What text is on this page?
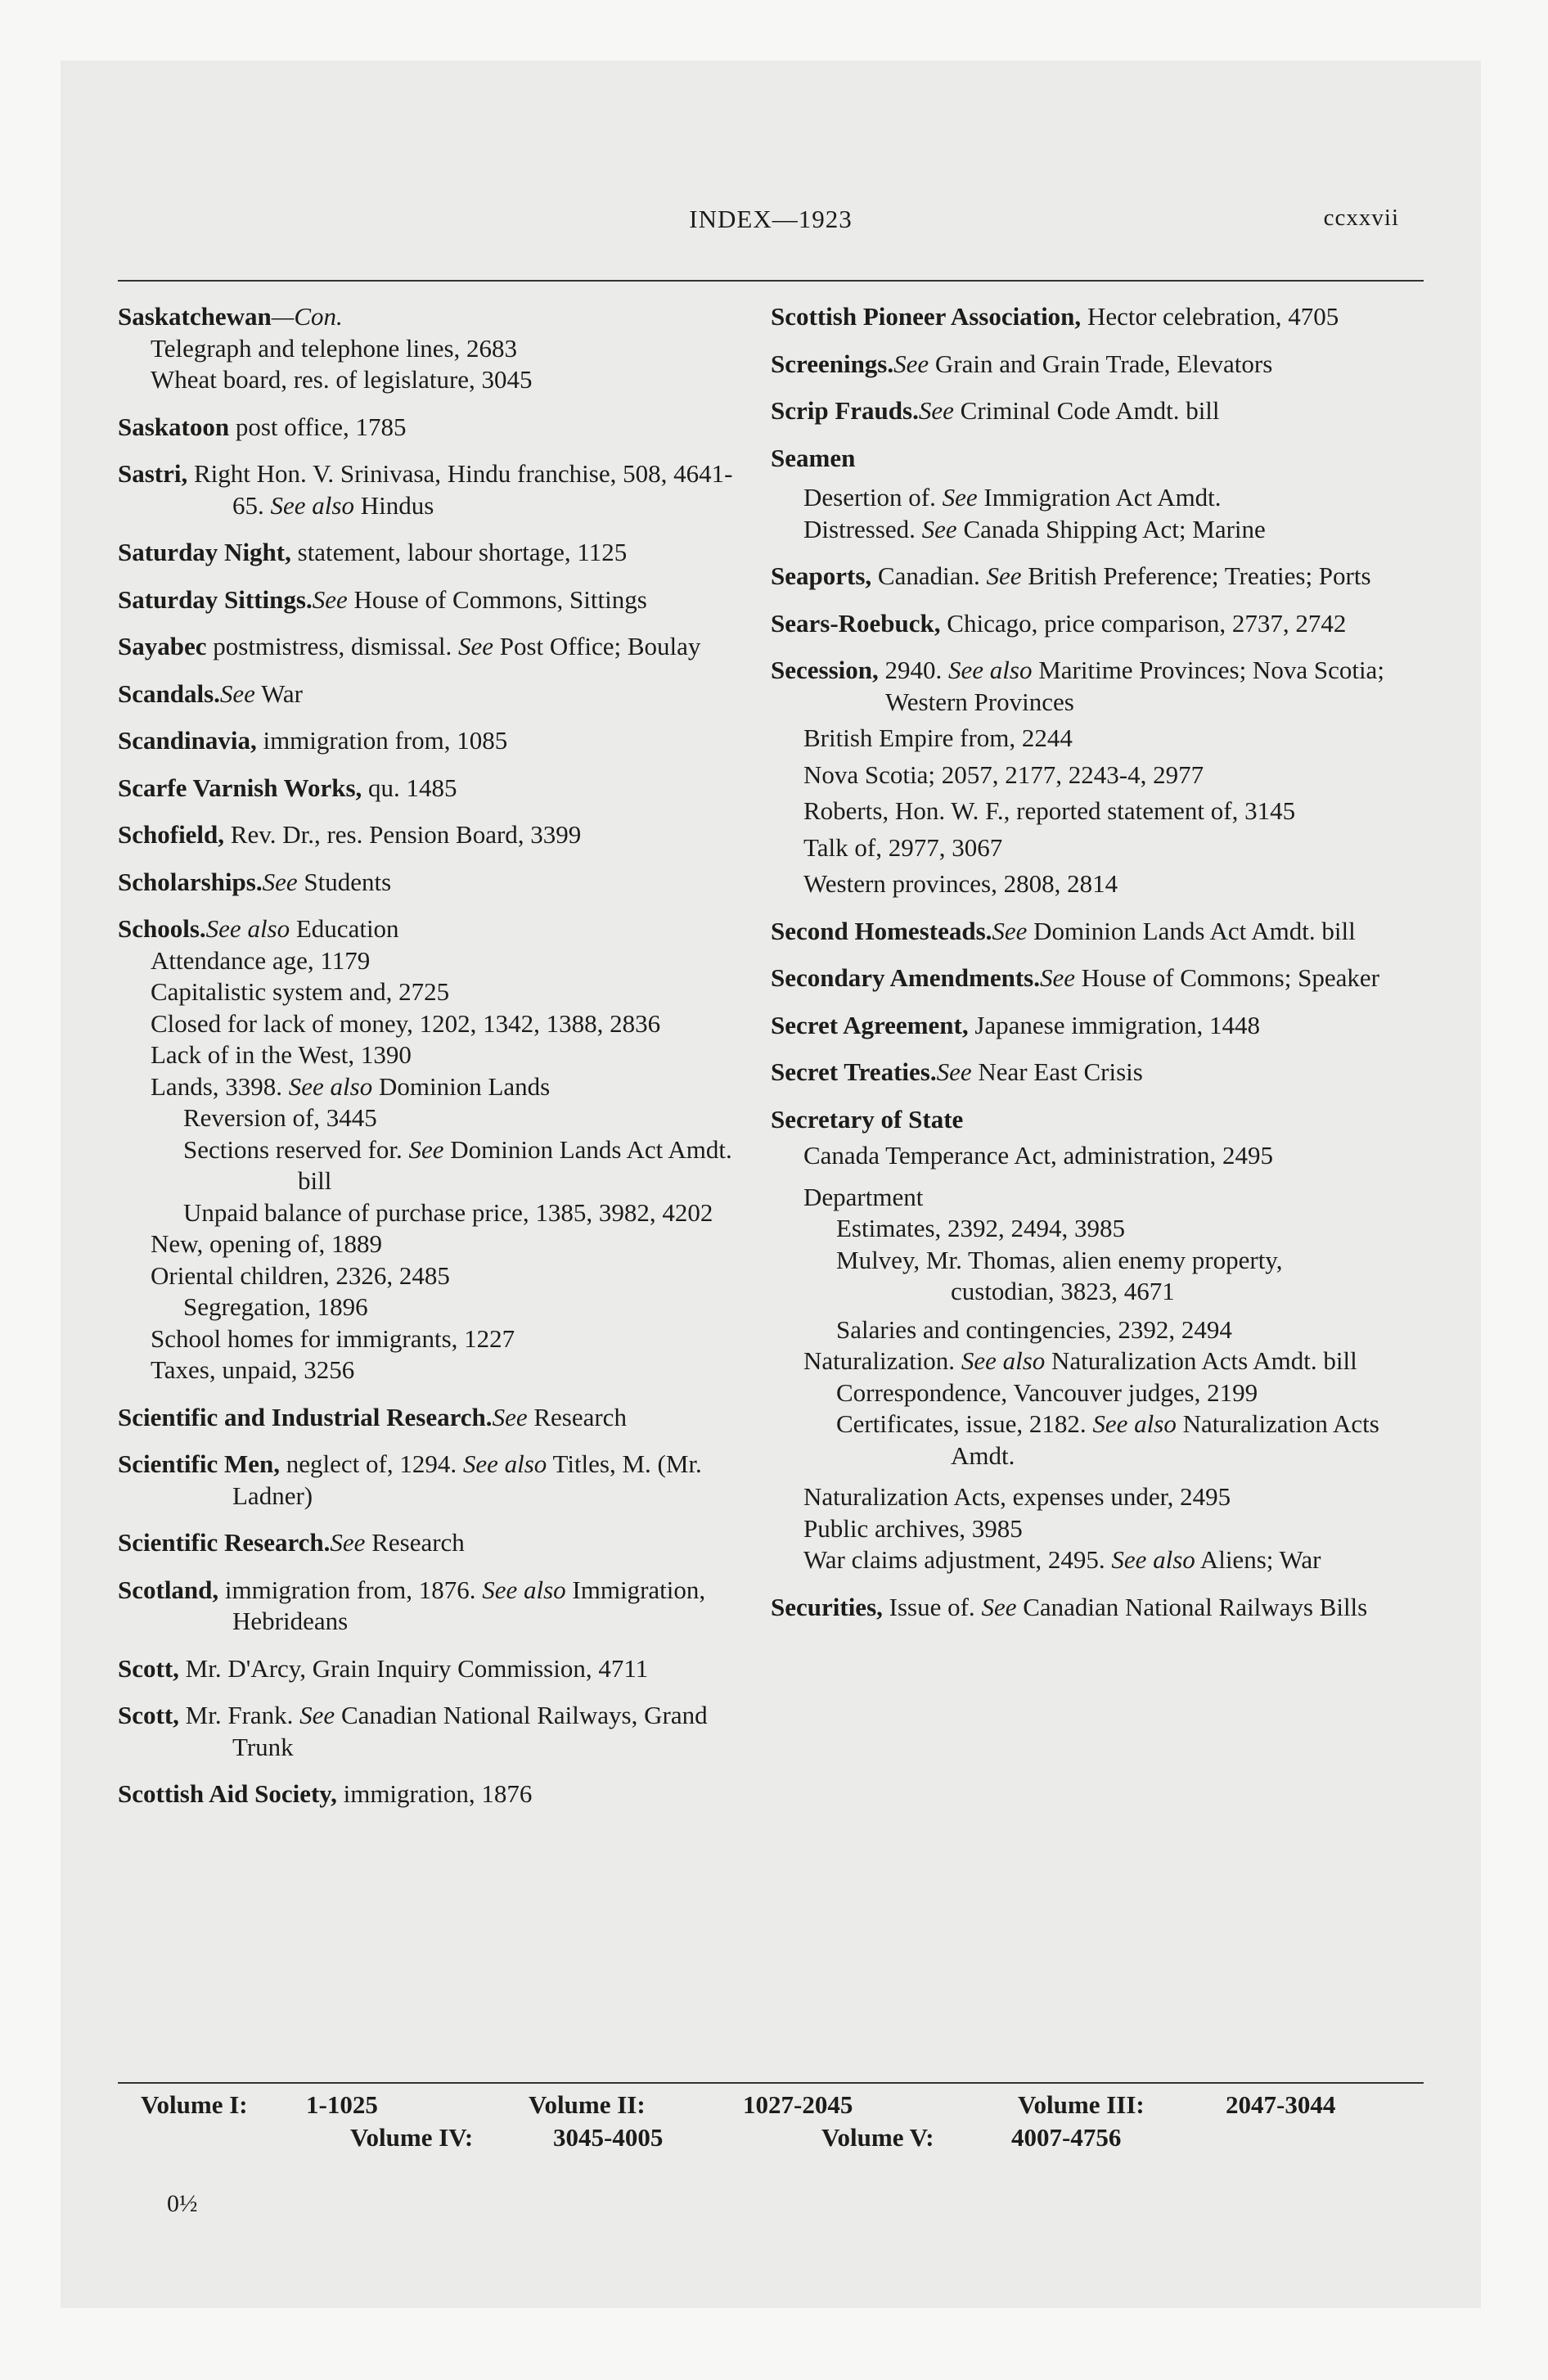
INDEX—1923	ccxxvii
Saskatchewan—Con.
Telegraph and telephone lines, 2683
Wheat board, res. of legislature, 3045
Saskatoon post office, 1785
Sastri, Right Hon. V. Srinivasa, Hindu franchise, 508, 4641-65. See also Hindus
Saturday Night, statement, labour shortage, 1125
Saturday Sittings.See House of Commons, Sittings
Sayabec postmistress, dismissal. See Post Office; Boulay
Scandals.See War
Scandinavia, immigration from, 1085
Scarfe Varnish Works, qu. 1485
Schofield, Rev. Dr., res. Pension Board, 3399
Scholarships.See Students
Schools.See also Education
Attendance age, 1179
Capitalistic system and, 2725
Closed for lack of money, 1202, 1342, 1388, 2836
Lack of in the West, 1390
Lands, 3398. See also Dominion Lands
Reversion of, 3445
Sections reserved for. See Dominion Lands Act Amdt. bill
Unpaid balance of purchase price, 1385, 3982, 4202
New, opening of, 1889
Oriental children, 2326, 2485
Segregation, 1896
School homes for immigrants, 1227
Taxes, unpaid, 3256
Scientific and Industrial Research.See Research
Scientific Men, neglect of, 1294. See also Titles, M. (Mr. Ladner)
Scientific Research.See Research
Scotland, immigration from, 1876. See also Immigration, Hebrideans
Scott, Mr. D'Arcy, Grain Inquiry Commission, 4711
Scott, Mr. Frank. See Canadian National Railways, Grand Trunk
Scottish Aid Society, immigration, 1876
Scottish Pioneer Association, Hector celebration, 4705
Screenings.See Grain and Grain Trade, Elevators
Scrip Frauds.See Criminal Code Amdt. bill
Seamen
Desertion of. See Immigration Act Amdt.
Distressed. See Canada Shipping Act; Marine
Seaports, Canadian. See British Preference; Treaties; Ports
Sears-Roebuck, Chicago, price comparison, 2737, 2742
Secession, 2940. See also Maritime Provinces; Nova Scotia; Western Provinces
British Empire from, 2244
Nova Scotia; 2057, 2177, 2243-4, 2977
Roberts, Hon. W. F., reported statement of, 3145
Talk of, 2977, 3067
Western provinces, 2808, 2814
Second Homesteads.See Dominion Lands Act Amdt. bill
Secondary Amendments.See House of Commons; Speaker
Secret Agreement, Japanese immigration, 1448
Secret Treaties.See Near East Crisis
Secretary of State
Canada Temperance Act, administration, 2495
Department
Estimates, 2392, 2494, 3985
Mulvey, Mr. Thomas, alien enemy property, custodian, 3823, 4671
Salaries and contingencies, 2392, 2494
Naturalization. See also Naturalization Acts Amdt. bill
Correspondence, Vancouver judges, 2199
Certificates, issue, 2182. See also Naturalization Acts Amdt.
Naturalization Acts, expenses under, 2495
Public archives, 3985
War claims adjustment, 2495. See also Aliens; War
Securities, Issue of. See Canadian National Railways Bills
Volume I: 1-1025	Volume II:	1027-2045	Volume III:	2047-3044
Volume IV:	3045-4005	Volume V:	4007-4756
0½
